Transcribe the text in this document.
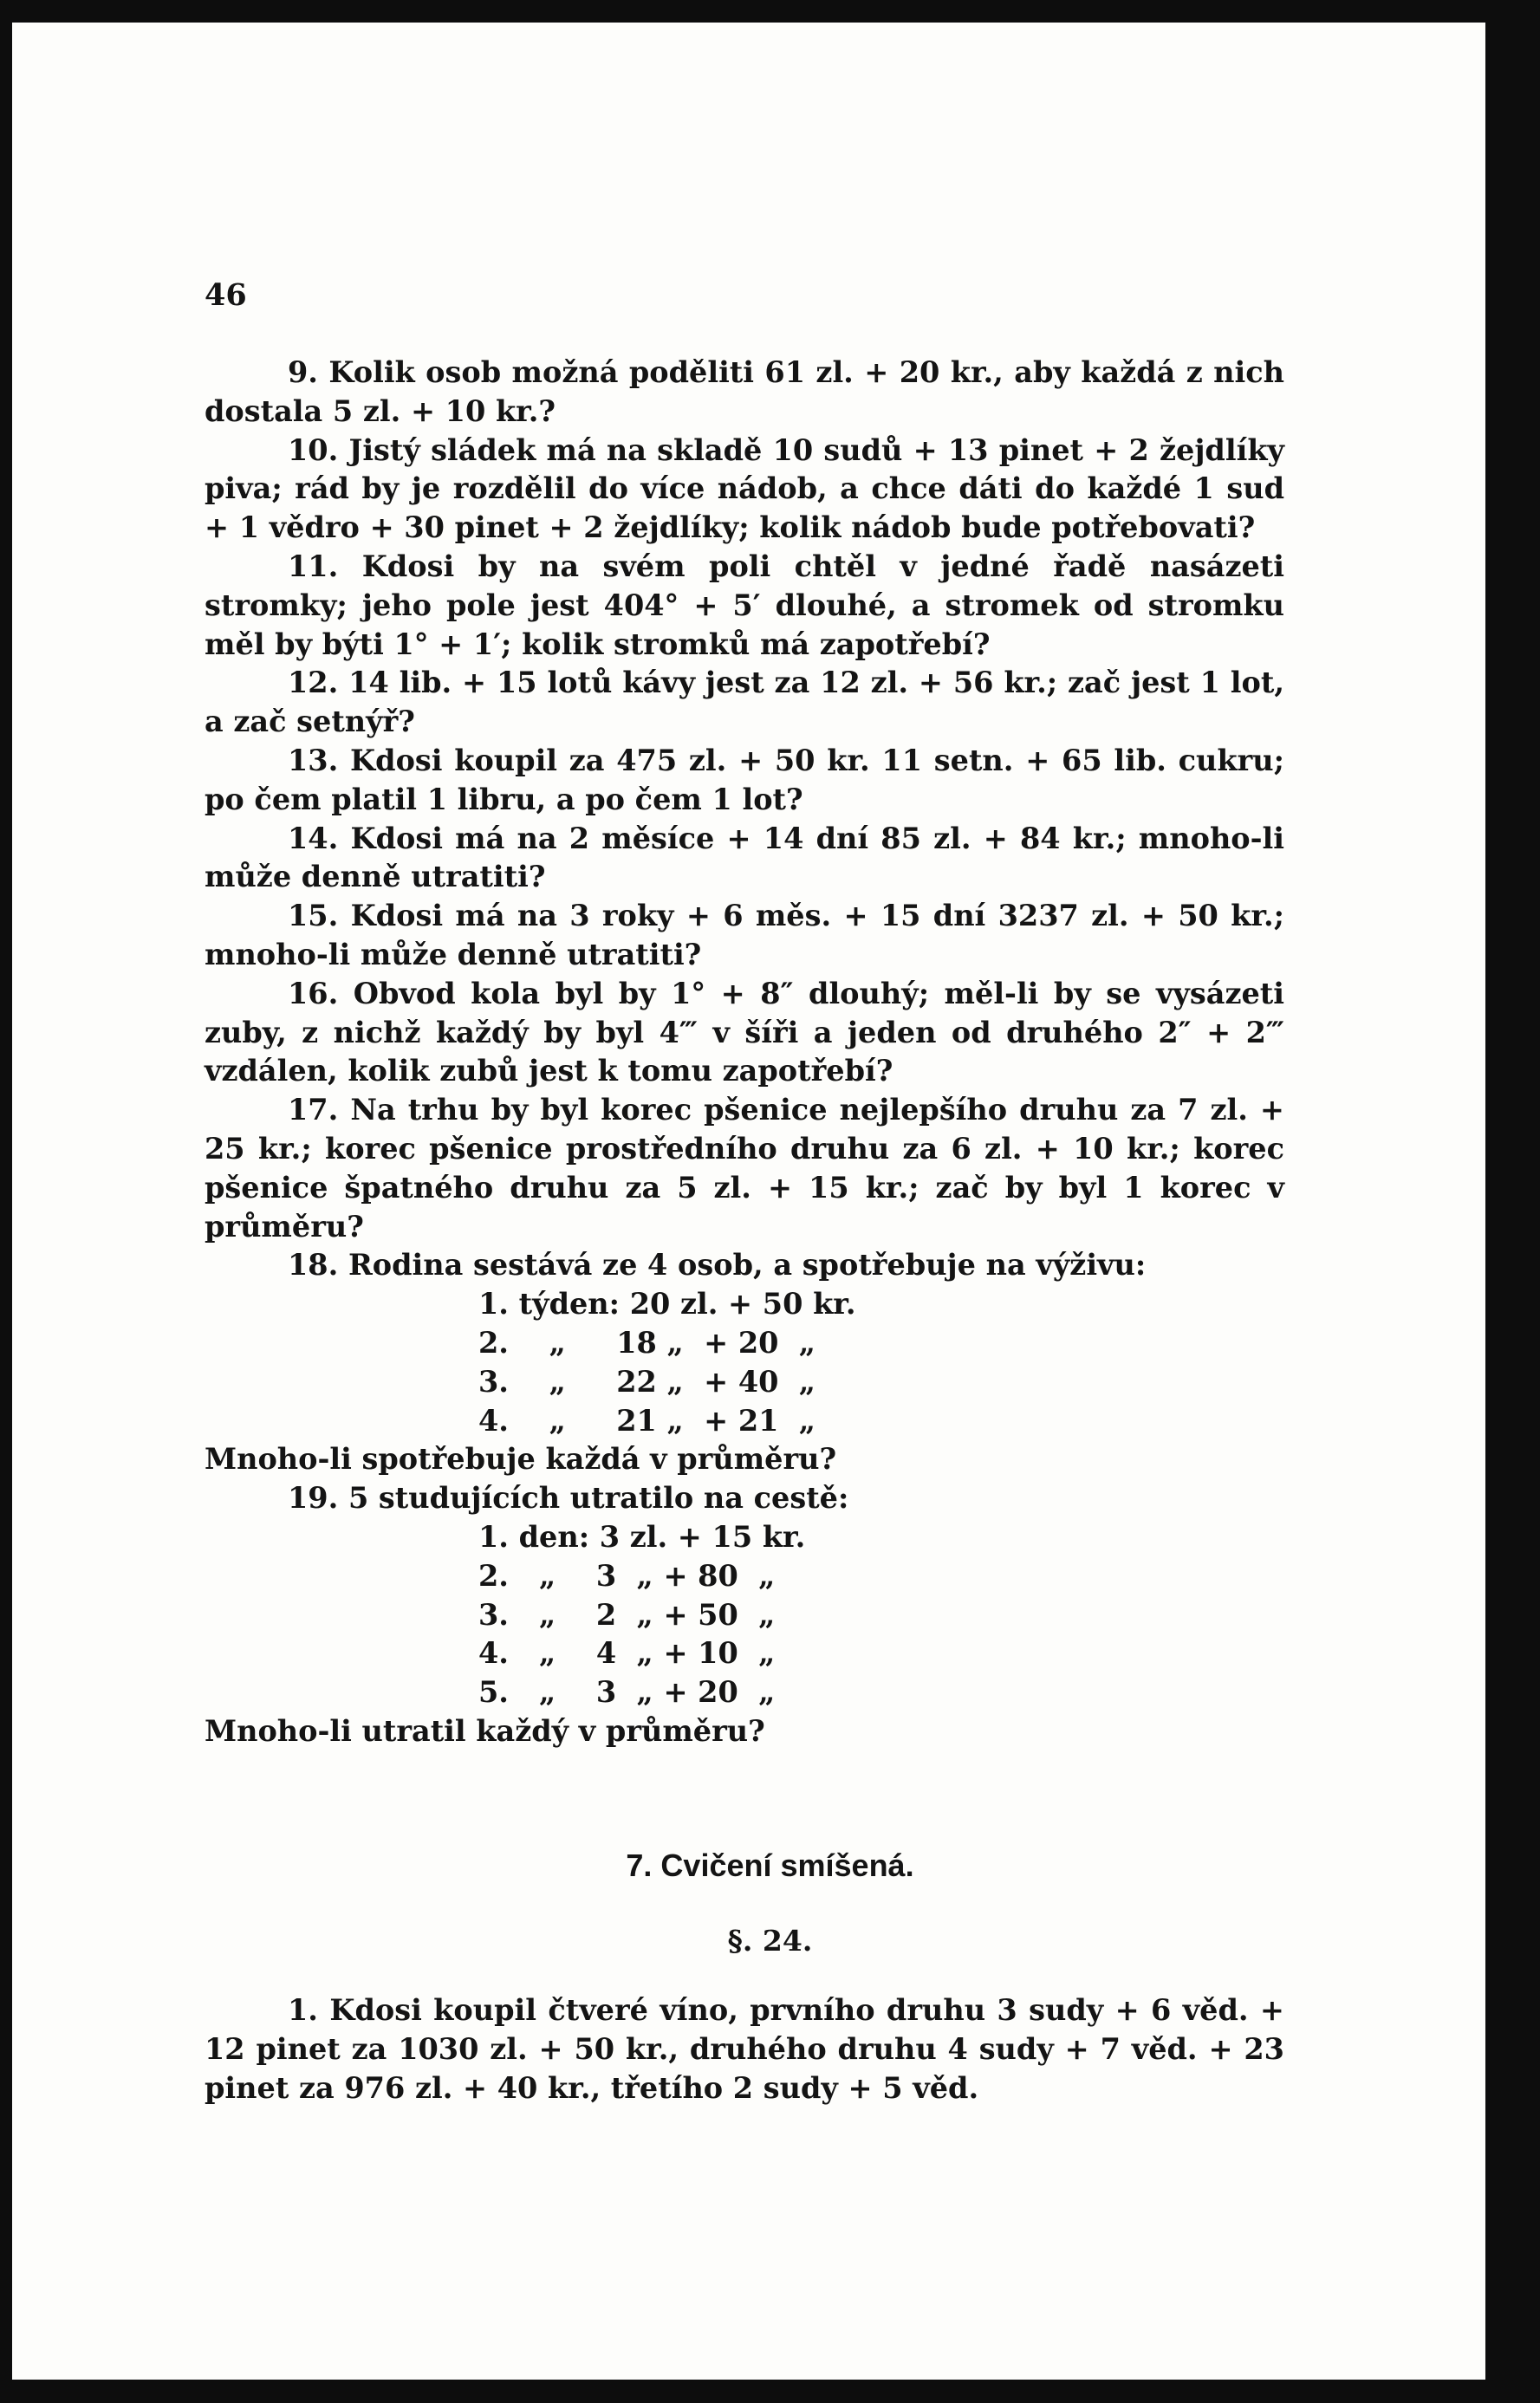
46

9. Kolik osob možná poděliti 61 zl. + 20 kr., aby každá z nich dostala 5 zl. + 10 kr.?

10. Jistý sládek má na skladě 10 sudů + 13 pinet + 2 žejdlíky piva; rád by je rozdělil do více nádob, a chce dáti do každé 1 sud + 1 vědro + 30 pinet + 2 žejdlíky; kolik nádob bude potřebovati?

11. Kdosi by na svém poli chtěl v jedné řadě nasázeti stromky; jeho pole jest 404° + 5′ dlouhé, a stromek od stromku měl by býti 1° + 1′; kolik stromků má zapotřebí?

12. 14 lib. + 15 lotů kávy jest za 12 zl. + 56 kr.; zač jest 1 lot, a zač setnýř?

13. Kdosi koupil za 475 zl. + 50 kr. 11 setn. + 65 lib. cukru; po čem platil 1 libru, a po čem 1 lot?

14. Kdosi má na 2 měsíce + 14 dní 85 zl. + 84 kr.; mnoho-li může denně utratiti?

15. Kdosi má na 3 roky + 6 měs. + 15 dní 3237 zl. + 50 kr.; mnoho-li může denně utratiti?

16. Obvod kola byl by 1° + 8″ dlouhý; měl-li by se vysázeti zuby, z nichž každý by byl 4‴ v šíři a jeden od druhého 2″ + 2‴ vzdálen, kolik zubů jest k tomu zapotřebí?

17. Na trhu by byl korec pšenice nejlepšího druhu za 7 zl. + 25 kr.; korec pšenice prostředního druhu za 6 zl. + 10 kr.; korec pšenice špatného druhu za 5 zl. + 15 kr.; zač by byl 1 korec v průměru?

18. Rodina sestává ze 4 osob, a spotřebuje na výživu:

1. týden: 20 zl. + 50 kr.
2.    „     18 „  + 20  „
3.    „     22 „  + 40  „
4.    „     21 „  + 21  „

Mnoho-li spotřebuje každá v průměru?

19. 5 studujících utratilo na cestě:

1. den: 3 zl. + 15 kr.
2.   „    3  „ + 80  „
3.   „    2  „ + 50  „
4.   „    4  „ + 10  „
5.   „    3  „ + 20  „

Mnoho-li utratil každý v průměru?

7. Cvičení smíšená.
§. 24.

1. Kdosi koupil čtveré víno, prvního druhu 3 sudy + 6 věd. + 12 pinet za 1030 zl. + 50 kr., druhého druhu 4 sudy + 7 věd. + 23 pinet za 976 zl. + 40 kr., třetího 2 sudy + 5 věd.
